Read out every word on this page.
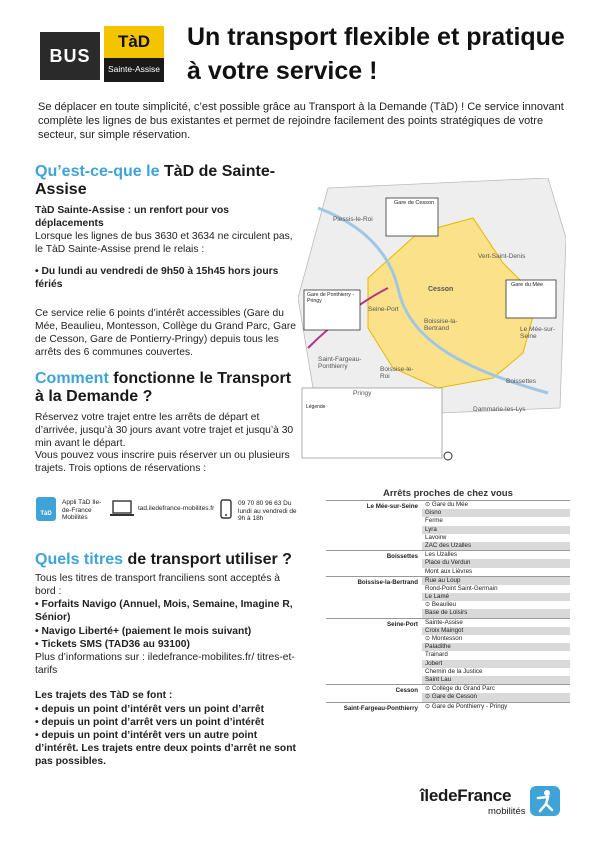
BUS
TàD
Sainte-Assise
Un transport flexible et pratique à votre service !
Se déplacer en toute simplicité, c’est possible grâce au Transport à la Demande (TàD) ! Ce service innovant complète les lignes de bus existantes et permet de rejoindre facilement des points stratégiques de votre secteur, sur simple réservation.
Qu’est-ce-que le TàD de Sainte-Assise
TàD Sainte-Assise : un renfort pour vos déplacements
Lorsque les lignes de bus 3630 et 3634 ne circulent pas, le TàD Sainte-Assise prend le relais :
• Du lundi au vendredi de 9h50 à 15h45 hors jours fériés
Ce service relie 6 points d’intérêt accessibles (Gare du Mée, Beaulieu, Montesson, Collège du Grand Parc, Gare de Cesson, Gare de Pontierry-Pringy) depuis tous les arrêts des 6 communes couvertes.
Comment fonctionne le Transport à la Demande ?
Réservez votre trajet entre les arrêts de départ et d’arrivée, jusqu’à 30 jours avant votre trajet et jusqu’à 30 min avant le départ.
Vous pouvez vous inscrire puis réserver un ou plusieurs trajets. Trois options de réservations :
TàD
Appli TàD Ile-de-France Mobilités
tad.iledefrance-mobilites.fr
09 70 80 96 63 Du lundi au vendredi de 9h à 18h
Quels titres de transport utiliser ?
Tous les titres de transport franciliens sont acceptés à bord :
• Forfaits Navigo (Annuel, Mois, Semaine, Imagine R, Sénior)
• Navigo Liberté+ (paiement le mois suivant)
• Tickets SMS (TAD36 au 93100)
Plus d’informations sur : iledefrance-mobilites.fr/ titres-et-tarifs
Les trajets des TàD se font :
• depuis un point d’intérêt vers un point d’arrêt
• depuis un point d’arrêt vers un point d’intérêt
• depuis un point d’intérêt vers un autre point d’intérêt. Les trajets entre deux points d’arrêt ne sont pas possibles.
Plessis-le-Roi
Vert-Saint-Denis
Cesson
Seine-Port
Boissise-la-Bertrand	Le Mée-sur-Seine
Boissettes
Saint-Fargeau-Ponthierry	Boissise-le-Roi
Pringy
Dammarie-les-Lys
Gare de Cesson
Gare du Mée
Gare de Ponthierry - Pringy
Légende
Arrêts proches de chez vous
Le Mée-sur-Seine	⊙ Gare du Mée
Gisno
Ferme
Lyra
Lavoirw
ZAC des Uzalles
Boissettes	Les Uzalles
Place du Verdun
Mont aux Lièvres
Boissise-la-Bertrand	Rue au Loup
Rond-Point Saint-Germain
Le Lamé
⊙ Beaulieu
Base de Loisirs
Seine-Port	Sainte-Assise
Croix Maingot
⊙ Montesson
Paladithe
Trainard
Jobert
Chemin de la Justice
Saint Lau
Cesson	⊙ Collège du Grand Parc
⊙ Gare de Cesson
Saint-Fargeau-Ponthierry	⊙ Gare de Ponthierry - Pringy
îledeFrance
mobilités
